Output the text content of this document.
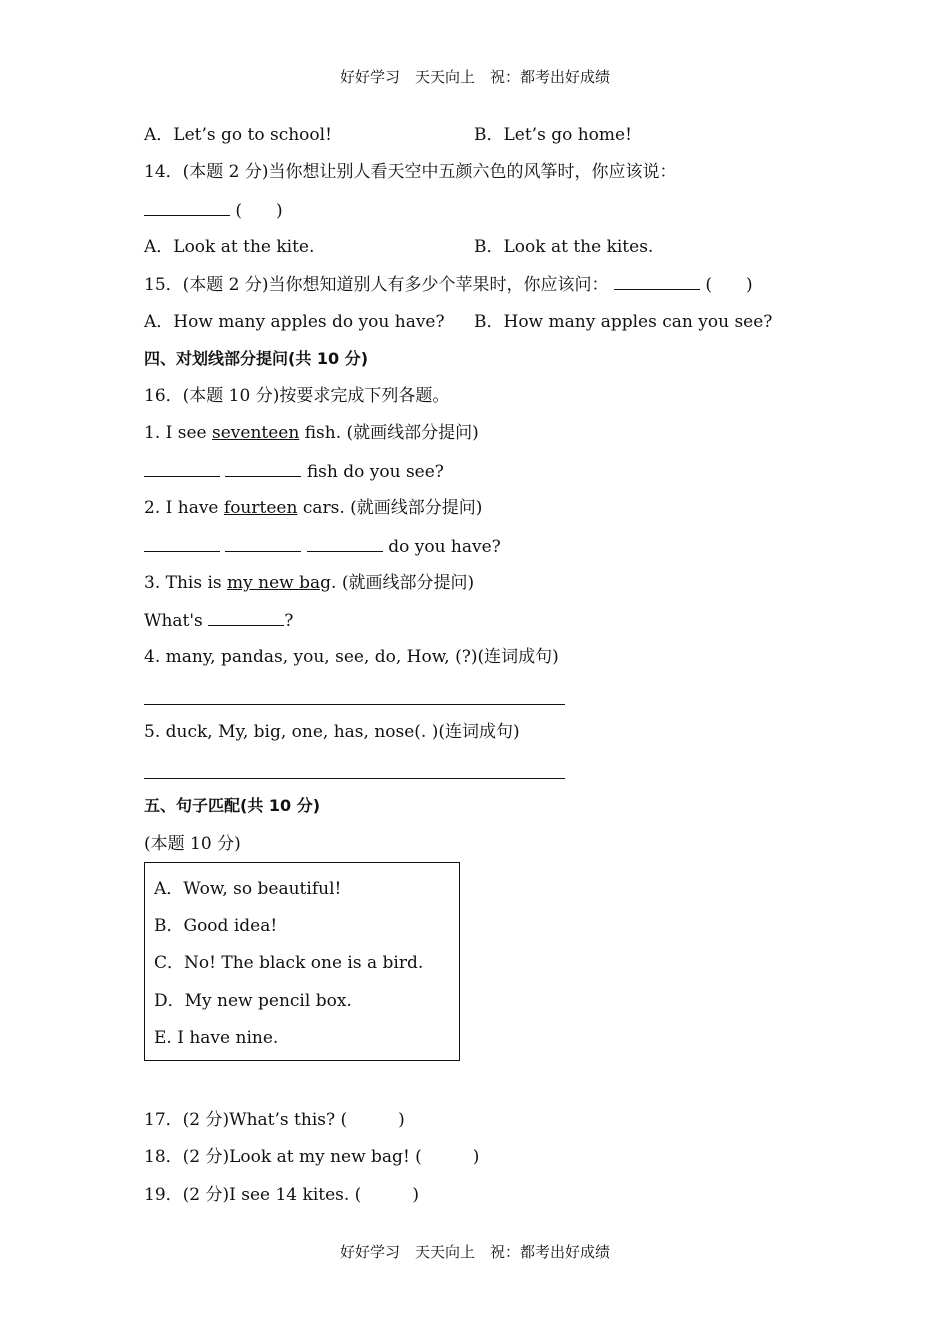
好好学习　天天向上　祝：都考出好成绩
A．Let’s go to school!	B．Let’s go home!
14．(本题 2 分)当你想让别人看天空中五颜六色的风筝时，你应该说：
(　　)
A．Look at the kite.	B．Look at the kites.
15．(本题 2 分)当你想知道别人有多少个苹果时，你应该问：	(　　)
A．How many apples do you have? B．How many apples can you see?
四、对划线部分提问(共 10 分)
16．(本题 10 分)按要求完成下列各题。
1. I see seventeen fish. (就画线部分提问)
fish do you see?
2. I have fourteen cars. (就画线部分提问)
do you have?
3. This is my new bag. (就画线部分提问)
What's	?
4. many, pandas, you, see, do, How, (?)(连词成句)
5. duck, My, big, one, has, nose(. )(连词成句)
五、句子匹配(共 10 分)
(本题 10 分)
A．Wow, so beautiful!
B．Good idea!
C．No! The black one is a bird.
D．My new pencil box.
E. I have nine.
17．(2 分)What’s this? (　　　)
18．(2 分)Look at my new bag! (　　　)
19．(2 分)I see 14 kites. (　　　)
好好学习　天天向上　祝：都考出好成绩
